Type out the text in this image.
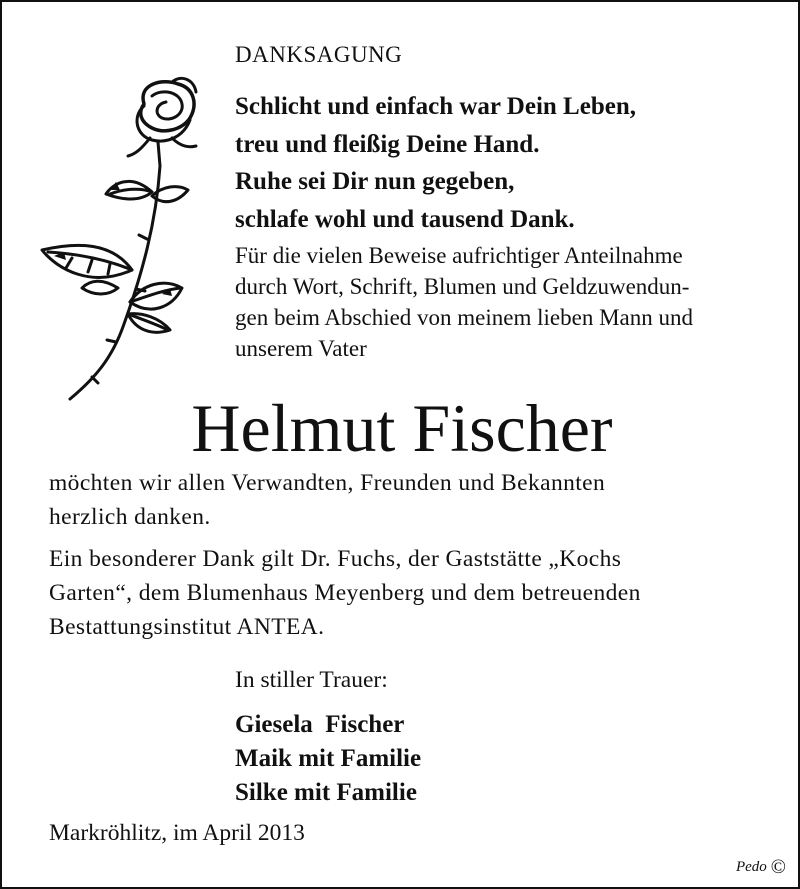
DANKSAGUNG
Schlicht und einfach war Dein Leben,
treu und fleißig Deine Hand.
Ruhe sei Dir nun gegeben,
schlafe wohl und tausend Dank.
Für die vielen Beweise aufrichtiger Anteilnahme
durch Wort, Schrift, Blumen und Geldzuwendun-
gen beim Abschied von meinem lieben Mann und
unserem Vater
Helmut Fischer
möchten wir allen Verwandten, Freunden und Bekannten
herzlich danken.
Ein besonderer Dank gilt Dr. Fuchs, der Gaststätte „Kochs
Garten“, dem Blumenhaus Meyenberg und dem betreuenden
Bestattungsinstitut ANTEA.
In stiller Trauer:
Giesela  Fischer
Maik mit Familie
Silke mit Familie
Markröhlitz, im April 2013
Pedo ©
